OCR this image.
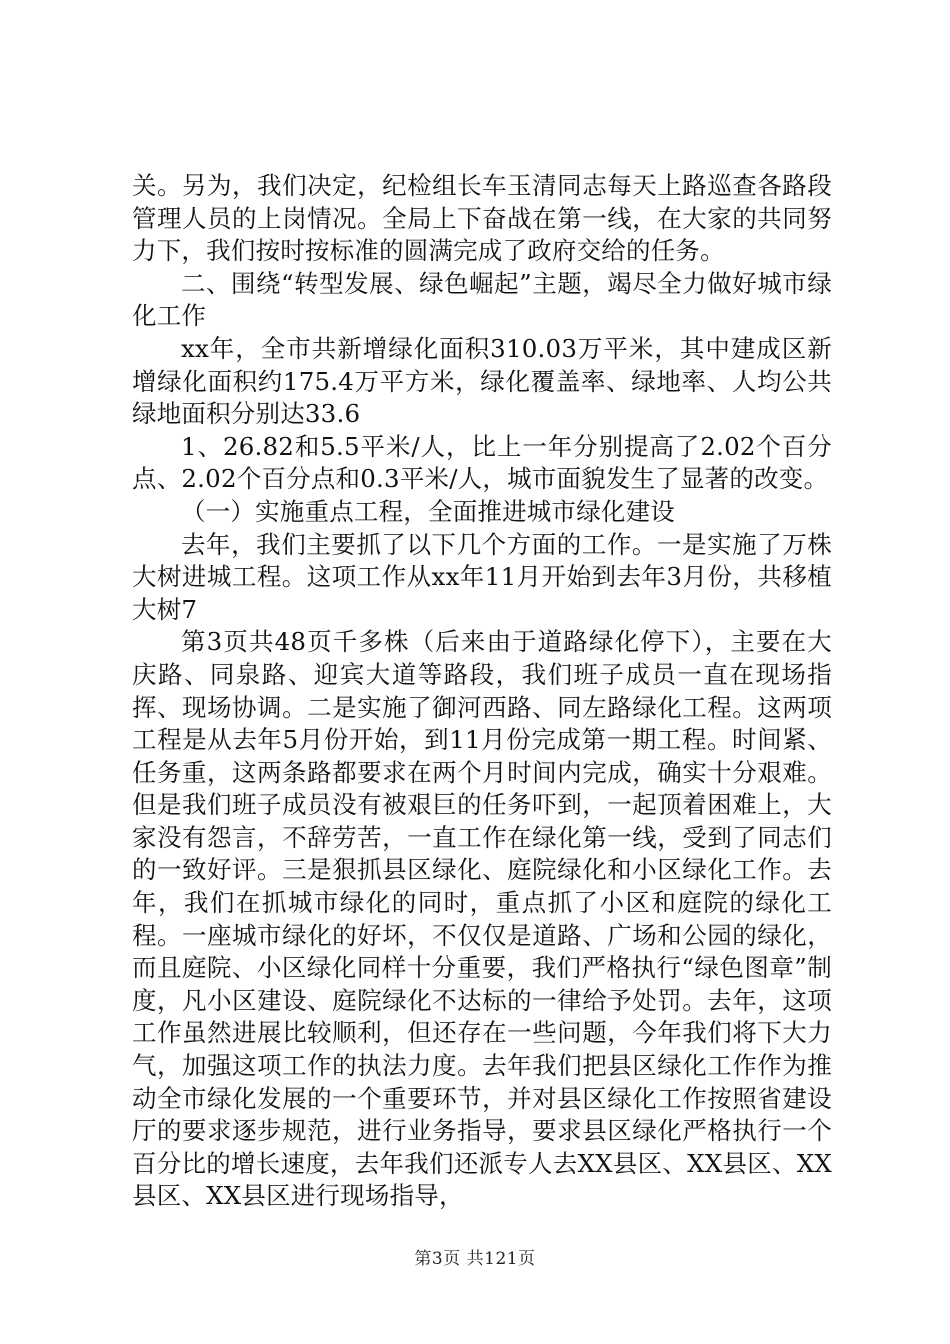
关。另为，我们决定，纪检组长车玉清同志每天上路巡查各路段管理人员的上岗情况。全局上下奋战在第一线，在大家的共同努力下，我们按时按标准的圆满完成了政府交给的任务。

二、围绕“转型发展、绿色崛起”主题，竭尽全力做好城市绿化工作

xx年，全市共新增绿化面积310.03万平米，其中建成区新增绿化面积约175.4万平方米，绿化覆盖率、绿地率、人均公共绿地面积分别达33.6

1、26.82和5.5平米/人，比上一年分别提高了2.02个百分点、2.02个百分点和0.3平米/人，城市面貌发生了显著的改变。

（一）实施重点工程，全面推进城市绿化建设

去年，我们主要抓了以下几个方面的工作。一是实施了万株大树进城工程。这项工作从xx年11月开始到去年3月份，共移植大树7

第3页共48页千多株（后来由于道路绿化停下），主要在大庆路、同泉路、迎宾大道等路段，我们班子成员一直在现场指挥、现场协调。二是实施了御河西路、同左路绿化工程。这两项工程是从去年5月份开始，到11月份完成第一期工程。时间紧、任务重，这两条路都要求在两个月时间内完成，确实十分艰难。但是我们班子成员没有被艰巨的任务吓到，一起顶着困难上，大家没有怨言，不辞劳苦，一直工作在绿化第一线，受到了同志们的一致好评。三是狠抓县区绿化、庭院绿化和小区绿化工作。去年，我们在抓城市绿化的同时，重点抓了小区和庭院的绿化工程。一座城市绿化的好坏，不仅仅是道路、广场和公园的绿化，而且庭院、小区绿化同样十分重要，我们严格执行“绿色图章”制度，凡小区建设、庭院绿化不达标的一律给予处罚。去年，这项工作虽然进展比较顺利，但还存在一些问题，今年我们将下大力气，加强这项工作的执法力度。去年我们把县区绿化工作作为推动全市绿化发展的一个重要环节，并对县区绿化工作按照省建设厅的要求逐步规范，进行业务指导，要求县区绿化严格执行一个百分比的增长速度，去年我们还派专人去XX县区、XX县区、XX县区、XX县区进行现场指导，

第3页 共121页
